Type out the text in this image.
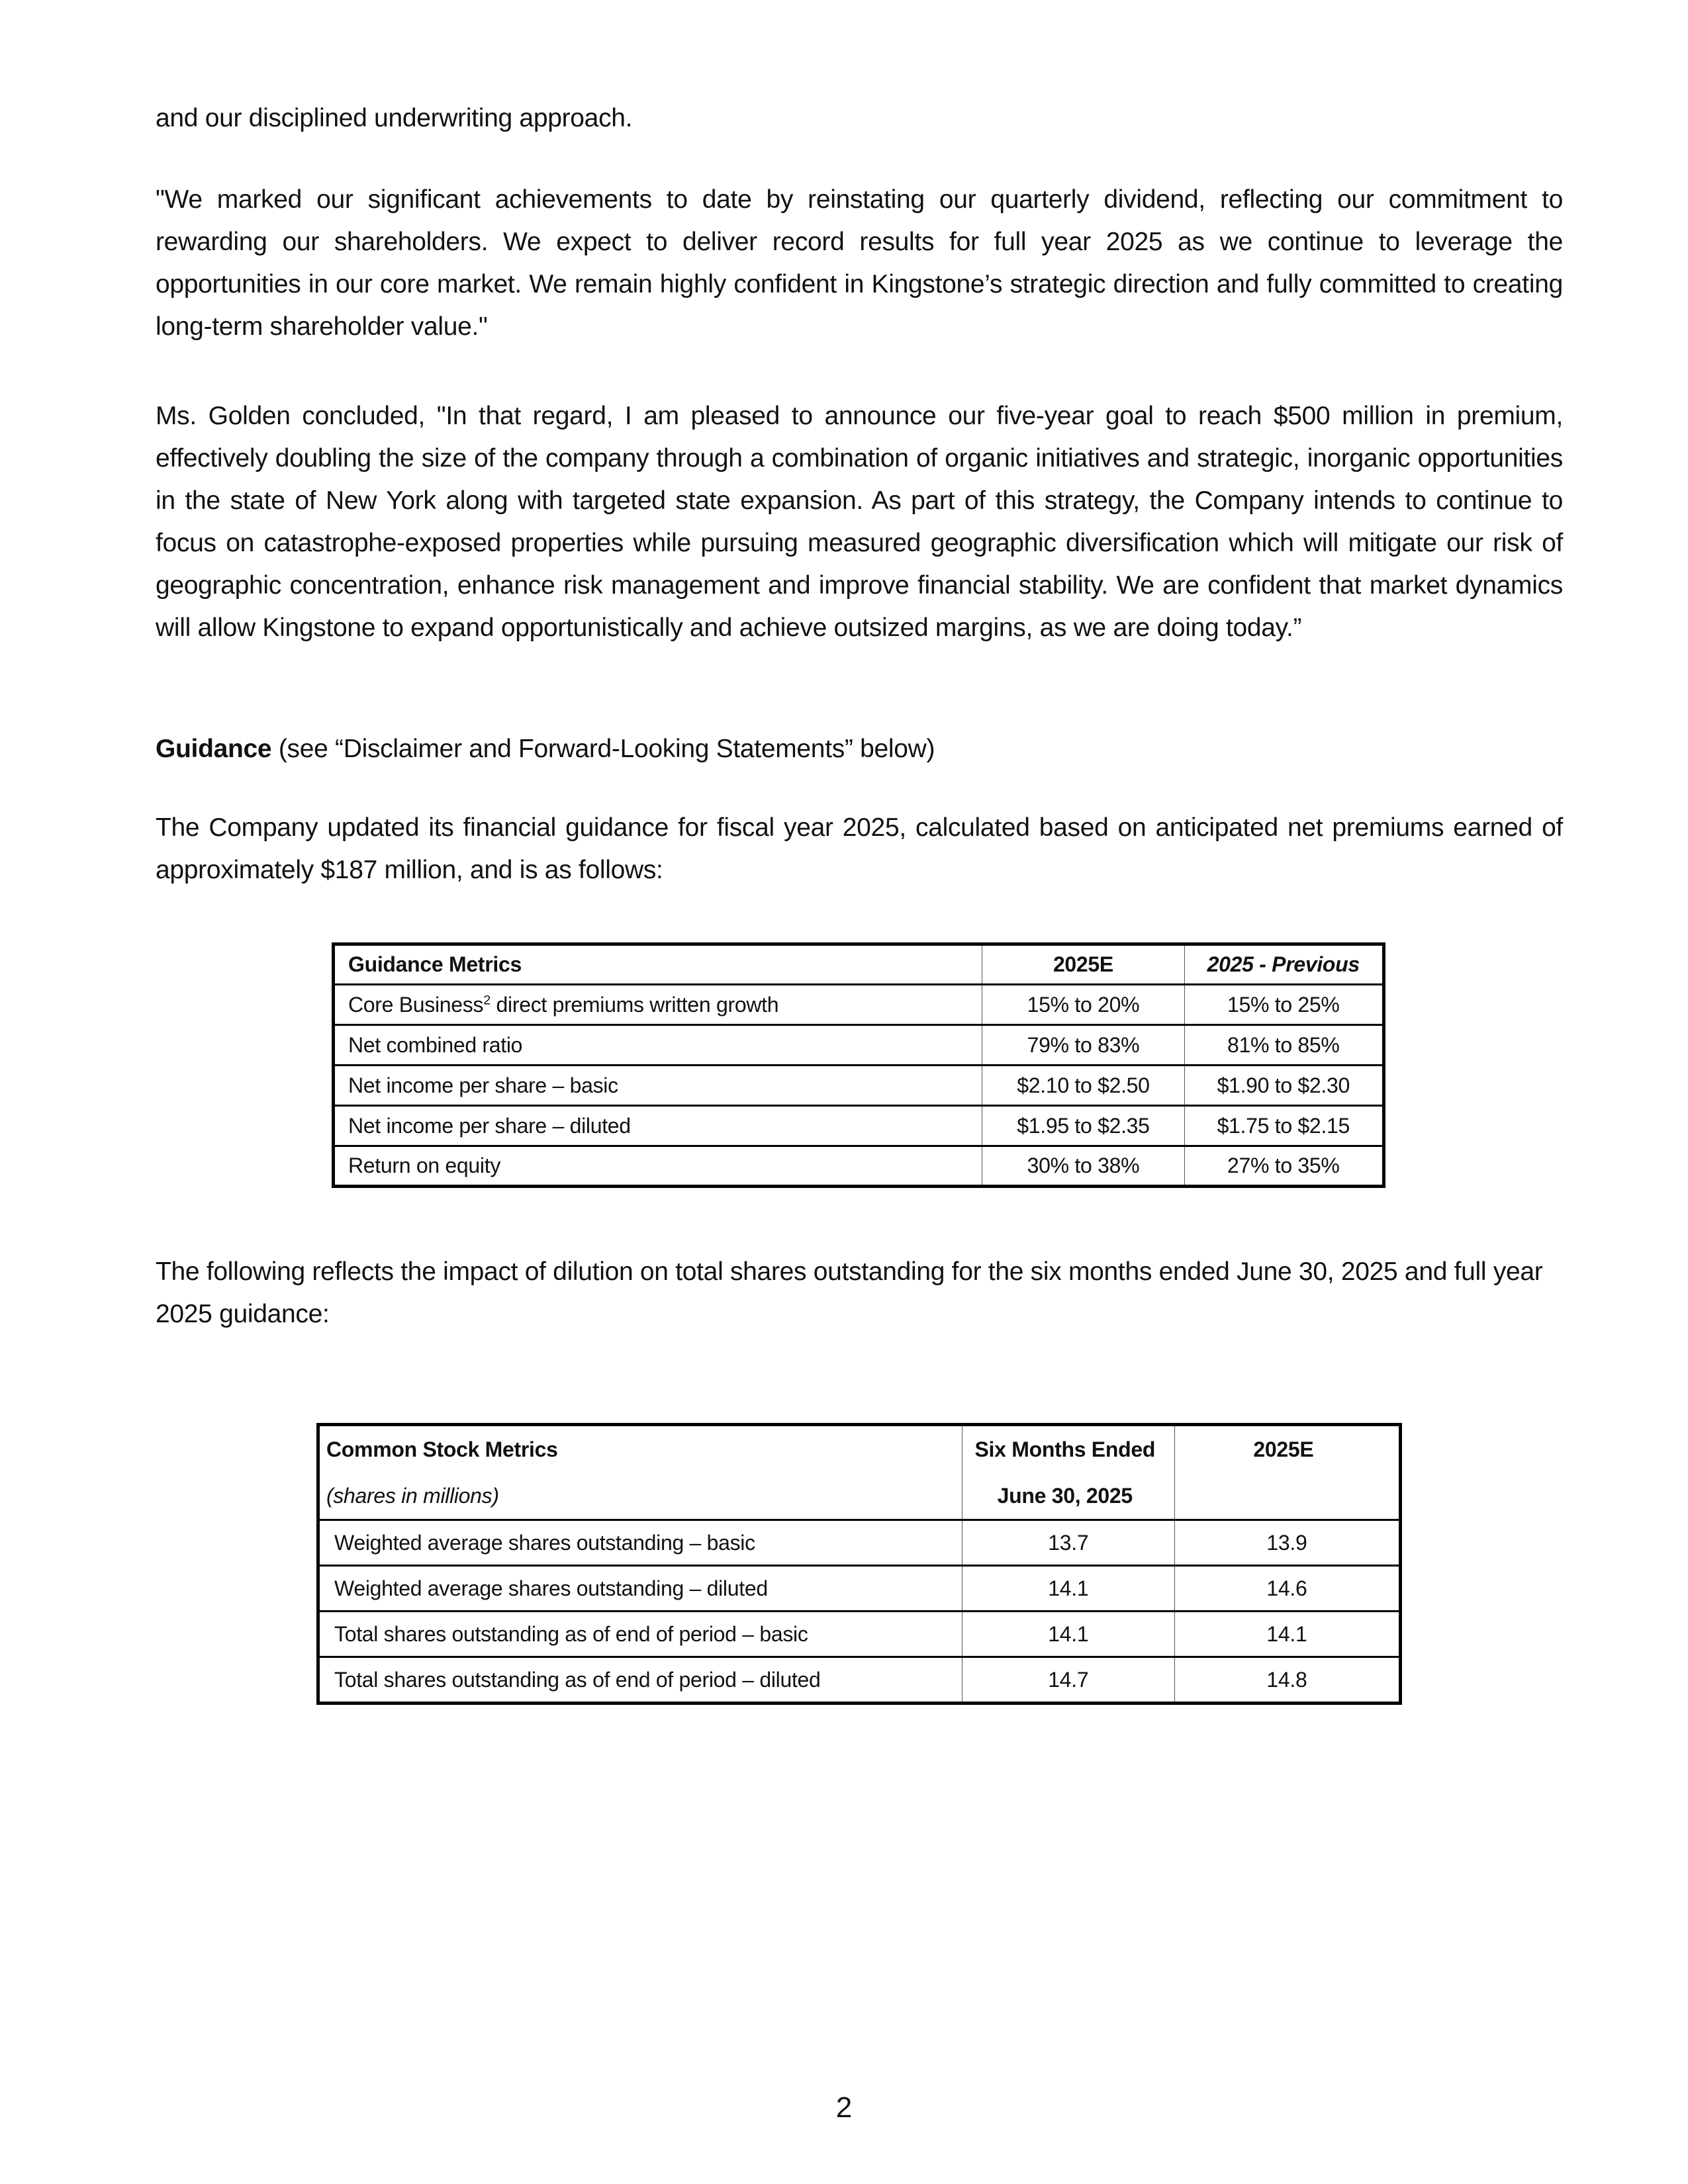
and our disciplined underwriting approach.

"We marked our significant achievements to date by reinstating our quarterly dividend, reflecting our commitment to rewarding our shareholders. We expect to deliver record results for full year 2025 as we continue to leverage the opportunities in our core market. We remain highly confident in Kingstone’s strategic direction and fully committed to creating long-term shareholder value."

Ms. Golden concluded, "In that regard, I am pleased to announce our five-year goal to reach $500 million in premium, effectively doubling the size of the company through a combination of organic initiatives and strategic, inorganic opportunities in the state of New York along with targeted state expansion. As part of this strategy, the Company intends to continue to focus on catastrophe-exposed properties while pursuing measured geographic diversification which will mitigate our risk of geographic concentration, enhance risk management and improve financial stability. We are confident that market dynamics will allow Kingstone to expand opportunistically and achieve outsized margins, as we are doing today.”

Guidance (see “Disclaimer and Forward-Looking Statements” below)

The Company updated its financial guidance for fiscal year 2025, calculated based on anticipated net premiums earned of approximately $187 million, and is as follows:

Guidance Metrics	2025E	2025 - Previous
Core Business$^2$ direct premiums written growth	15% to 20%	15% to 25%
Net combined ratio	79% to 83%	81% to 85%
Net income per share – basic	$2.10 to $2.50	$1.90 to $2.30
Net income per share – diluted	$1.95 to $2.35	$1.75 to $2.15
Return on equity	30% to 38%	27% to 35%

The following reflects the impact of dilution on total shares outstanding for the six months ended June 30, 2025 and full year 2025 guidance:

Common Stock Metrics	Six Months Ended	2025E
(shares in millions)	June 30, 2025	
Weighted average shares outstanding – basic	13.7	13.9
Weighted average shares outstanding – diluted	14.1	14.6
Total shares outstanding as of end of period – basic	14.1	14.1
Total shares outstanding as of end of period – diluted	14.7	14.8
2
